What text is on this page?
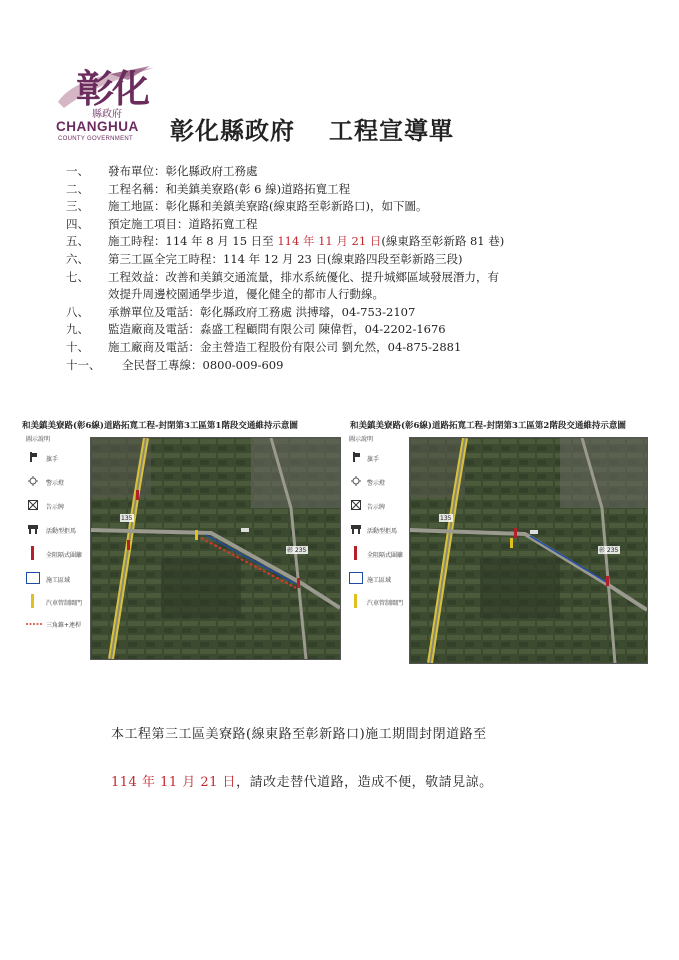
彰化
縣政府
CHANGHUA
COUNTY GOVERNMENT 彰化縣政府 工程宣導單
一、	發布單位：彰化縣政府工務處
二、	工程名稱：和美鎮美寮路(彰 6 線)道路拓寬工程
三、	施工地區：彰化縣和美鎮美寮路(線東路至彰新路口)，如下圖。
四、	預定施工項目：道路拓寬工程
五、	施工時程：114 年 8 月 15 日至 114 年 11 月 21 日(線東路至彰新路 81 巷)
六、	第三工區全完工時程：114 年 12 月 23 日(線東路四段至彰新路三段)
七、	工程效益：改善和美鎮交通流量，排水系統優化、提升城鄉區域發展潛力，有
效提升周邊校園通學步道，優化健全的都市人行動線。
八、	承辦單位及電話：彰化縣政府工務處 洪搏璿，04-753-2107
九、	監造廠商及電話：淼盛工程顧問有限公司 陳偉哲，04-2202-1676
十、	施工廠商及電話：金主營造工程股份有限公司 劉允然，04-875-2881
十一、	全民督工專線：0800-009-609
和美鎮美寮路(彰6線)道路拓寬工程-封閉第3工區第1階段交通維持示意圖	和美鎮美寮路(彰6線)道路拓寬工程-封閉第3工區第2階段交通維持示意圖
圖示說明
旗手
警示燈
告示牌
活動型拒馬
全阻隔式圍籬
施工區域
汽車管制閘門
三角錐+連桿
135
彰 235
圖示說明
旗手
警示燈
告示牌
活動型拒馬
全阻隔式圍籬
施工區域
汽車管制閘門
135
彰 235
本工程第三工區美寮路(線東路至彰新路口)施工期間封閉道路至
114 年 11 月 21 日，請改走替代道路，造成不便，敬請見諒。
